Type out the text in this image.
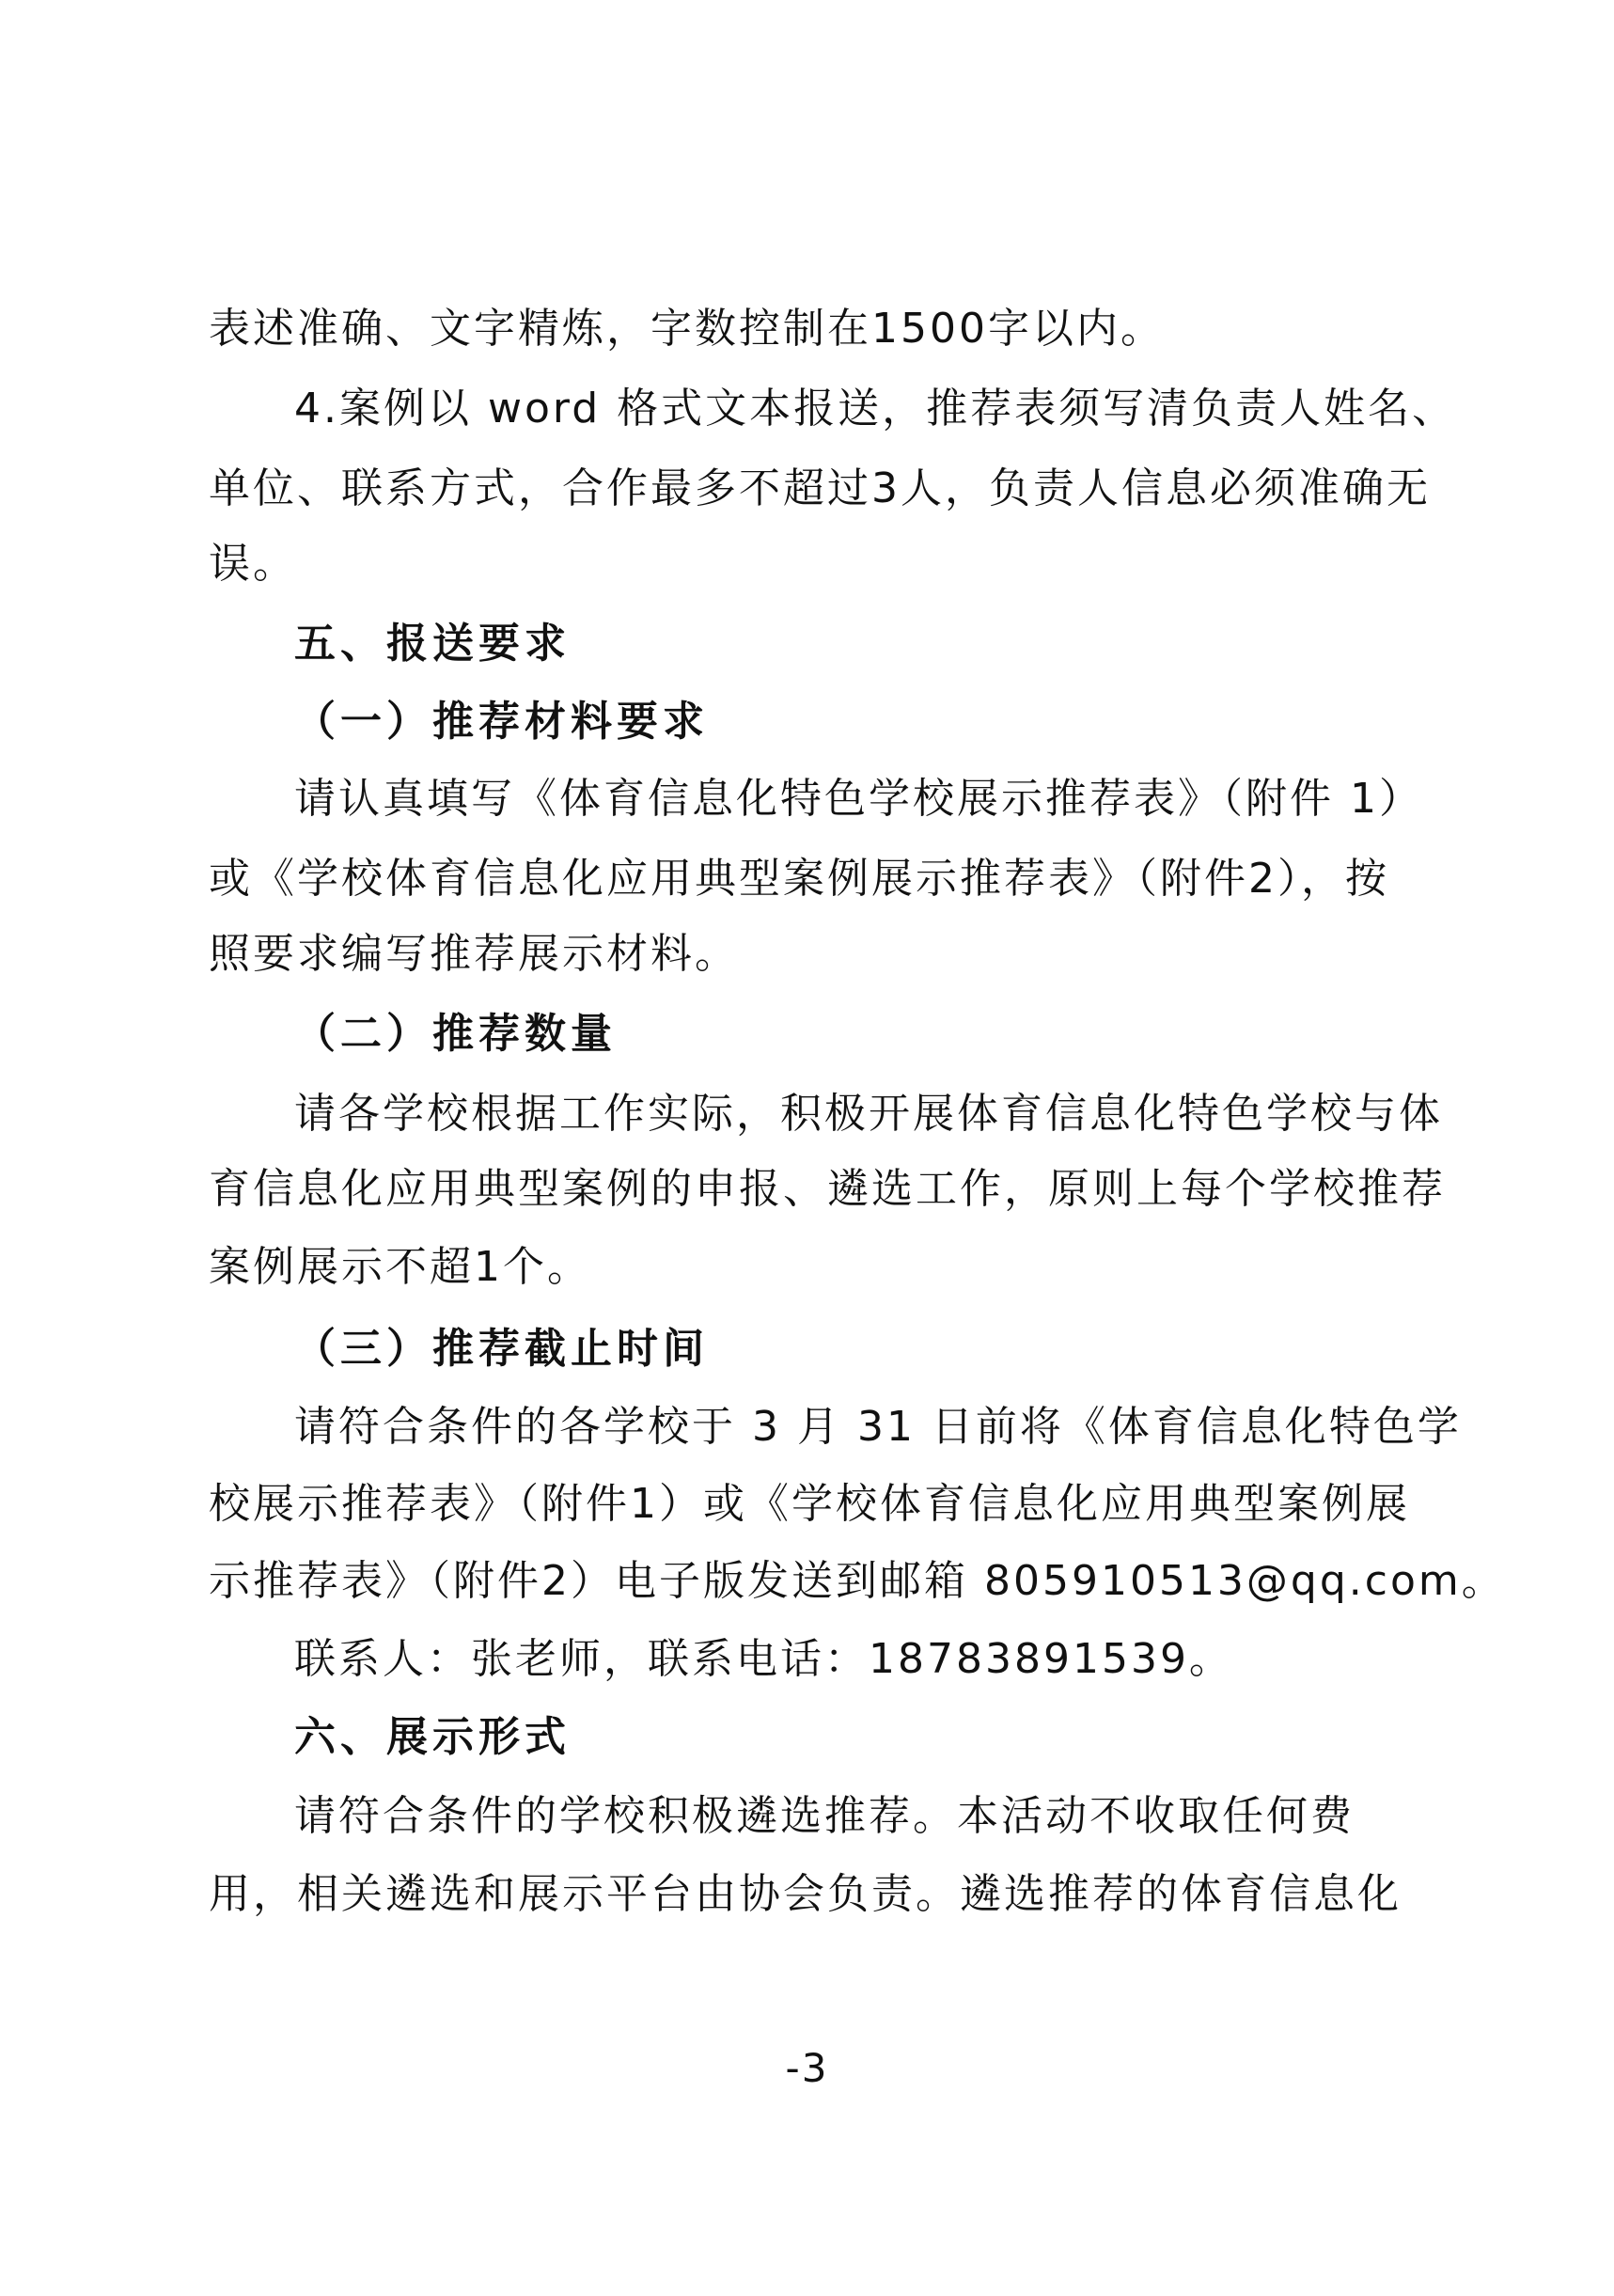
表述准确、文字精炼，字数控制在1500字以内。
4.案例以 word 格式文本报送，推荐表须写清负责人姓名、
单位、联系方式，合作最多不超过3人，负责人信息必须准确无
误。
五、报送要求
（一）推荐材料要求
请认真填写《体育信息化特色学校展示推荐表》（附件 1）
或《学校体育信息化应用典型案例展示推荐表》（附件2），按
照要求编写推荐展示材料。
（二）推荐数量
请各学校根据工作实际，积极开展体育信息化特色学校与体
育信息化应用典型案例的申报、遴选工作，原则上每个学校推荐
案例展示不超1个。
（三）推荐截止时间
请符合条件的各学校于 3 月 31 日前将《体育信息化特色学
校展示推荐表》（附件1）或《学校体育信息化应用典型案例展
示推荐表》（附件2）电子版发送到邮箱 805910513@qq.com。
联系人：张老师，联系电话：18783891539。
六、展示形式
请符合条件的学校积极遴选推荐。本活动不收取任何费
用，相关遴选和展示平台由协会负责。遴选推荐的体育信息化
-3
